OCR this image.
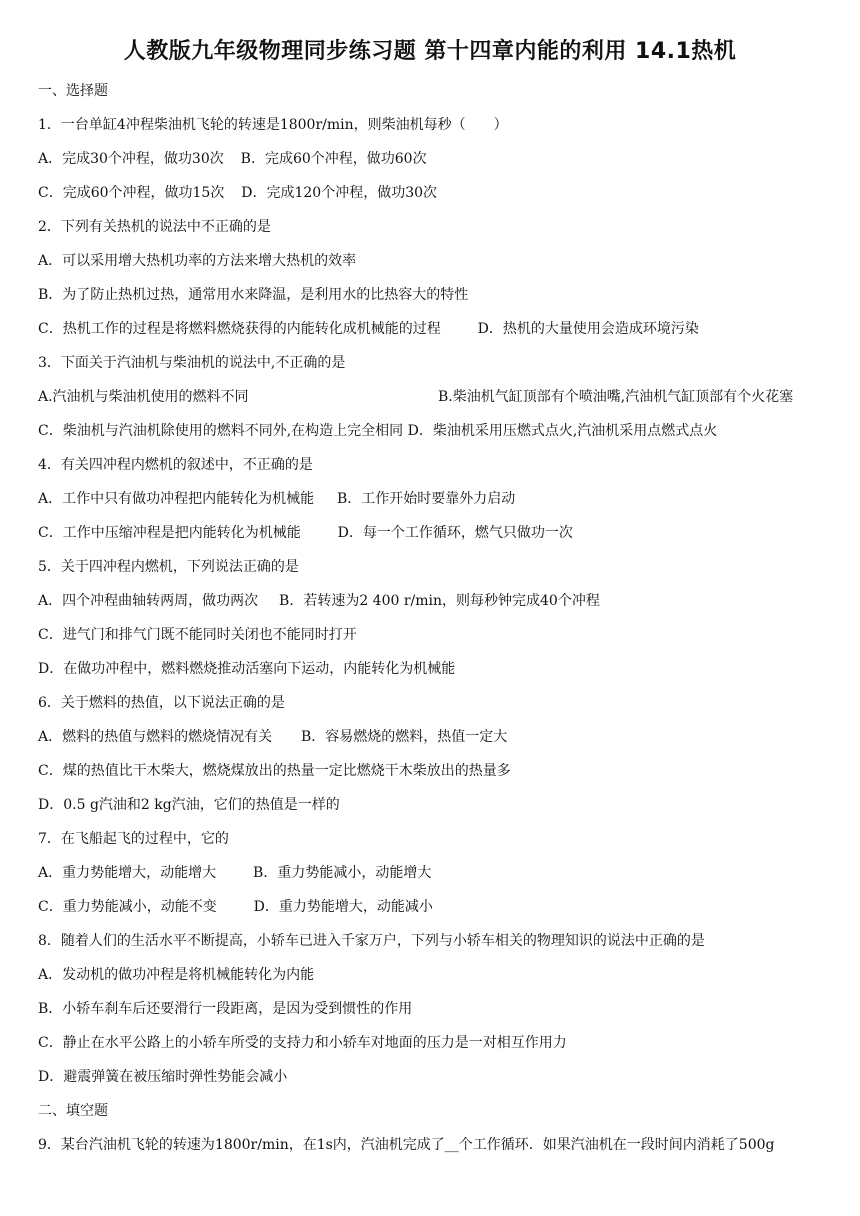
人教版九年级物理同步练习题 第十四章内能的利用 14.1热机
一、选择题
1．一台单缸4冲程柴油机飞轮的转速是1800r/min，则柴油机每秒（　　）
A．完成30个冲程，做功30次 B．完成60个冲程，做功60次
C．完成60个冲程，做功15次 D．完成120个冲程，做功30次
2．下列有关热机的说法中不正确的是
A．可以采用增大热机功率的方法来增大热机的效率
B．为了防止热机过热，通常用水来降温，是利用水的比热容大的特性
C．热机工作的过程是将燃料燃烧获得的内能转化成机械能的过程	D．热机的大量使用会造成环境污染
3．下面关于汽油机与柴油机的说法中,不正确的是
A.汽油机与柴油机使用的燃料不同	B.柴油机气缸顶部有个喷油嘴,汽油机气缸顶部有个火花塞
C．柴油机与汽油机除使用的燃料不同外,在构造上完全相同 D．柴油机采用压燃式点火,汽油机采用点燃式点火
4．有关四冲程内燃机的叙述中，不正确的是
A．工作中只有做功冲程把内能转化为机械能 B．工作开始时要靠外力启动
C．工作中压缩冲程是把内能转化为机械能	D．每一个工作循环，燃气只做功一次
5．关于四冲程内燃机，下列说法正确的是
A．四个冲程曲轴转两周，做功两次 B．若转速为2 400 r/min，则每秒钟完成40个冲程
C．进气门和排气门既不能同时关闭也不能同时打开
D．在做功冲程中，燃料燃烧推动活塞向下运动，内能转化为机械能
6．关于燃料的热值，以下说法正确的是
A．燃料的热值与燃料的燃烧情况有关 B．容易燃烧的燃料，热值一定大
C．煤的热值比干木柴大，燃烧煤放出的热量一定比燃烧干木柴放出的热量多
D．0.5 g汽油和2 kg汽油，它们的热值是一样的
7．在飞船起飞的过程中，它的
A．重力势能增大，动能增大	B．重力势能减小，动能增大
C．重力势能减小，动能不变	D．重力势能增大，动能减小
8．随着人们的生活水平不断提高，小轿车已进入千家万户，下列与小轿车相关的物理知识的说法中正确的是
A．发动机的做功冲程是将机械能转化为内能
B．小轿车刹车后还要滑行一段距离，是因为受到惯性的作用
C．静止在水平公路上的小轿车所受的支持力和小轿车对地面的压力是一对相互作用力
D．避震弹簧在被压缩时弹性势能会减小
二、填空题
9．某台汽油机飞轮的转速为1800r/min，在1s内，汽油机完成了__个工作循环．如果汽油机在一段时间内消耗了500g
